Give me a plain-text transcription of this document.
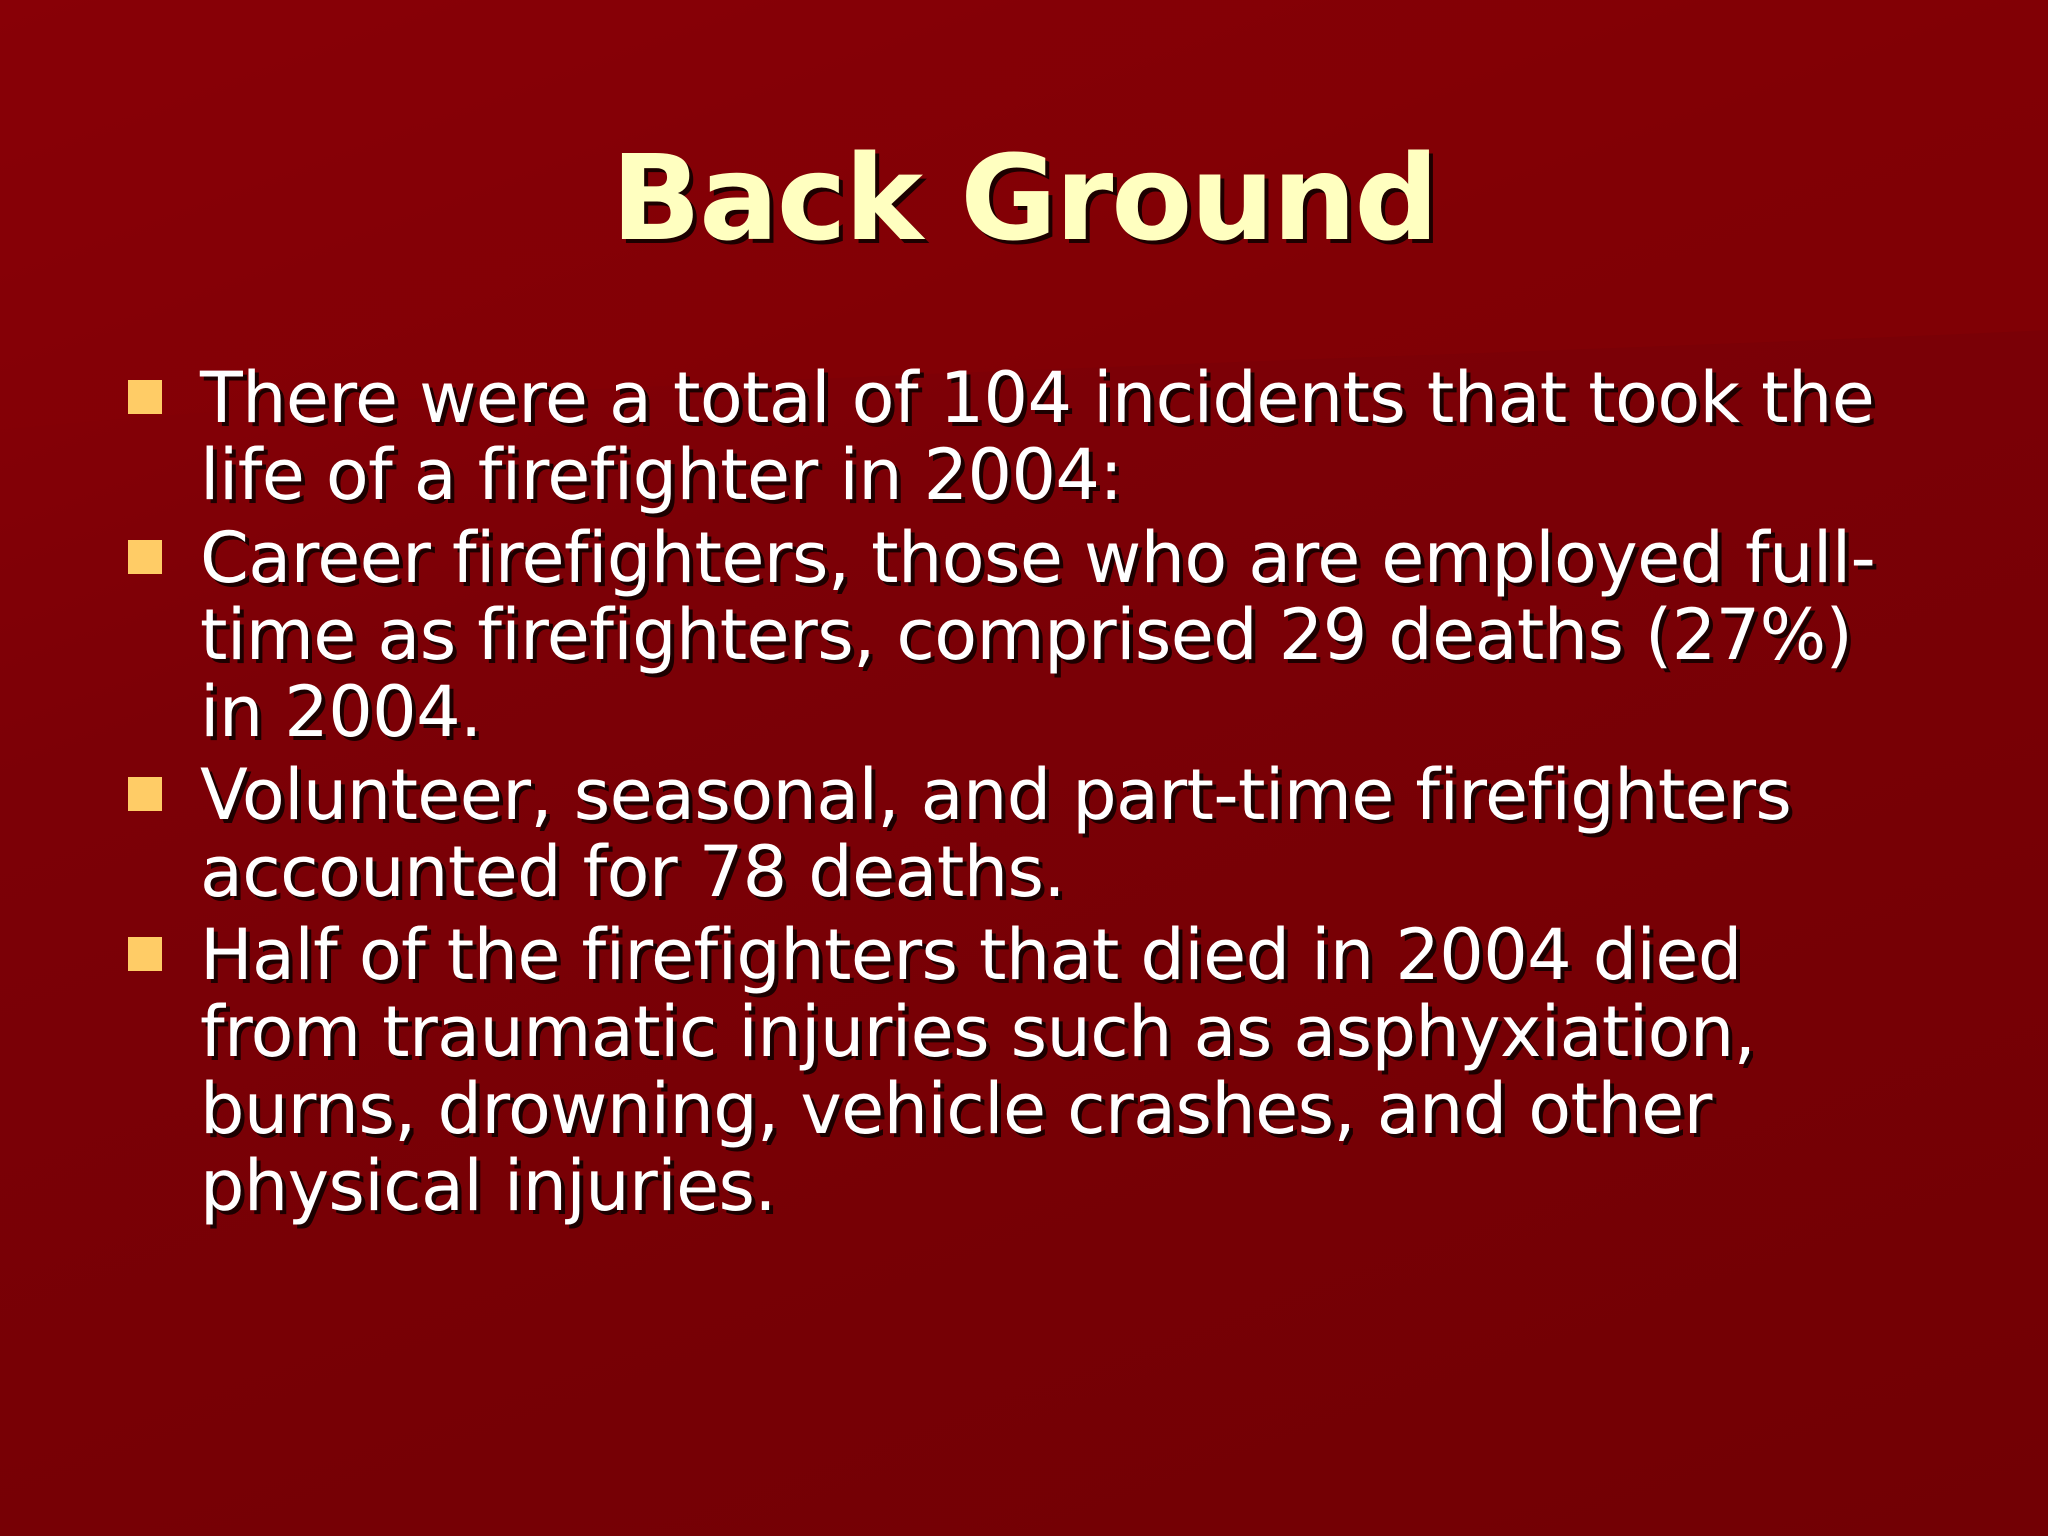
Back Ground
There were a total of 104 incidents that took the
life of a firefighter in 2004:
Career firefighters, those who are employed full-
time as firefighters, comprised 29 deaths (27%)
in 2004.
Volunteer, seasonal, and part-time firefighters
accounted for 78 deaths.
Half of the firefighters that died in 2004 died
from traumatic injuries such as asphyxiation,
burns, drowning, vehicle crashes, and other
physical injuries.
